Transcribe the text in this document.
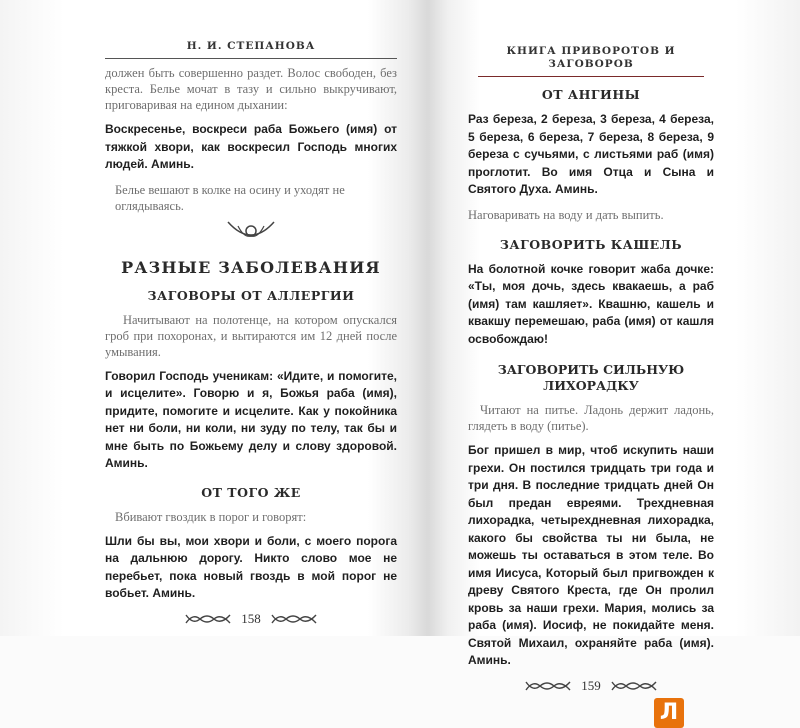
Н. И. СТЕПАНОВА

должен быть совершенно раздет. Волос свободен, без креста. Белье мочат в тазу и сильно выкручивают, приговаривая на едином дыхании:

Воскресенье, воскреси раба Божьего (имя) от тяжкой хвори, как воскресил Господь многих людей. Аминь.

Белье вешают в колке на осину и уходят не оглядываясь.

РАЗНЫЕ ЗАБОЛЕВАНИЯ

ЗАГОВОРЫ ОТ АЛЛЕРГИИ

Начитывают на полотенце, на котором опускался гроб при похоронах, и вытираются им 12 дней после умывания.

Говорил Господь ученикам: «Идите, и помогите, и исцелите». Говорю и я, Божья раба (имя), придите, помогите и исцелите. Как у покойника нет ни боли, ни коли, ни зуду по телу, так бы и мне быть по Божьему делу и слову здоровой. Аминь.

ОТ ТОГО ЖЕ

Вбивают гвоздик в порог и говорят:

Шли бы вы, мои хвори и боли, с моего порога на дальнюю дорогу. Никто слово мое не перебьет, пока новый гвоздь в мой порог не вобьет. Аминь.

158
КНИГА ПРИВОРОТОВ И ЗАГОВОРОВ

ОТ АНГИНЫ

Раз береза, 2 береза, 3 береза, 4 береза, 5 береза, 6 береза, 7 береза, 8 береза, 9 береза с сучьями, с листьями раб (имя) проглотит. Во имя Отца и Сына и Святого Духа. Аминь.

Наговаривать на воду и дать выпить.

ЗАГОВОРИТЬ КАШЕЛЬ

На болотной кочке говорит жаба дочке: «Ты, моя дочь, здесь квакаешь, а раб (имя) там кашляет». Квашню, кашель и квакшу перемешаю, раба (имя) от кашля освобождаю!

ЗАГОВОРИТЬ СИЛЬНУЮ ЛИХОРАДКУ

Читают на питье. Ладонь держит ладонь, глядеть в воду (питье).

Бог пришел в мир, чтоб искупить наши грехи. Он постился тридцать три года и три дня. В последние тридцать дней Он был предан евреями. Трехдневная лихорадка, четырехдневная лихорадка, какого бы свойства ты ни была, не можешь ты оставаться в этом теле. Во имя Иисуса, Который был пригвожден к древу Святого Креста, где Он пролил кровь за наши грехи. Мария, молись за раба (имя). Иосиф, не покидайте меня. Святой Михаил, охраняйте раба (имя). Аминь.

159
Л
